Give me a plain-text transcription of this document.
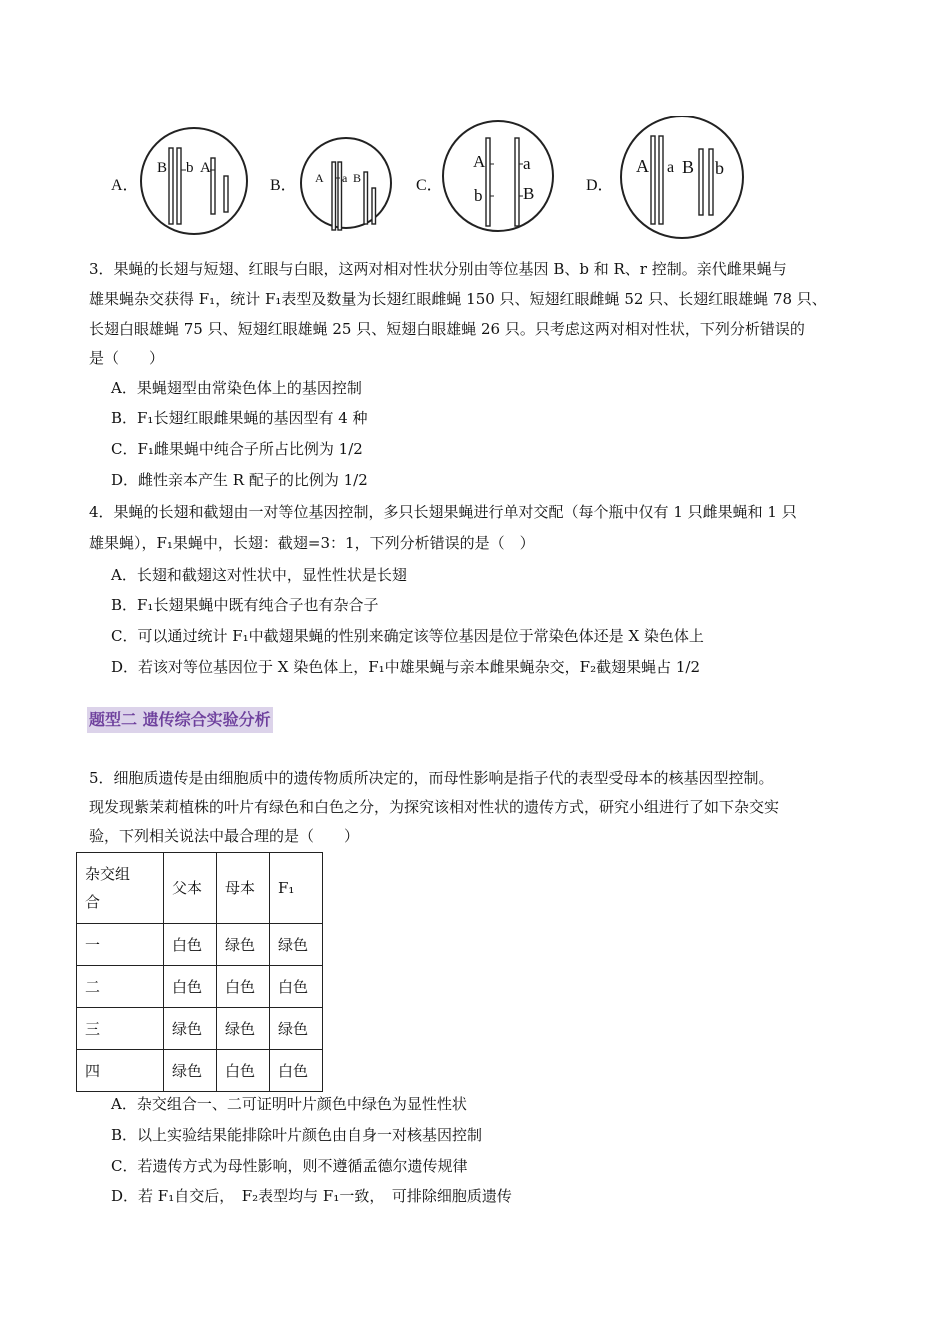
A．	B．	C．	D．
B b A
A a B
A a
b B
A a B b
3．果蝇的长翅与短翅、红眼与白眼，这两对相对性状分别由等位基因 B、b 和 R、r 控制。亲代雌果蝇与
雄果蝇杂交获得 F₁，统计 F₁表型及数量为长翅红眼雌蝇 150 只、短翅红眼雌蝇 52 只、长翅红眼雄蝇 78 只、
长翅白眼雄蝇 75 只、短翅红眼雄蝇 25 只、短翅白眼雄蝇 26 只。只考虑这两对相对性状，下列分析错误的
是（　　）
A．果蝇翅型由常染色体上的基因控制
B．F₁长翅红眼雌果蝇的基因型有 4 种
C．F₁雌果蝇中纯合子所占比例为 1/2
D．雌性亲本产生 R 配子的比例为 1/2
4．果蝇的长翅和截翅由一对等位基因控制，多只长翅果蝇进行单对交配（每个瓶中仅有 1 只雌果蝇和 1 只
雄果蝇），F₁果蝇中，长翅：截翅=3：1，下列分析错误的是（　）
A．长翅和截翅这对性状中，显性性状是长翅
B．F₁长翅果蝇中既有纯合子也有杂合子
C．可以通过统计 F₁中截翅果蝇的性别来确定该等位基因是位于常染色体还是 X 染色体上
D．若该对等位基因位于 X 染色体上，F₁中雄果蝇与亲本雌果蝇杂交，F₂截翅果蝇占 1/2
题型二 遗传综合实验分析
5．细胞质遗传是由细胞质中的遗传物质所决定的，而母性影响是指子代的表型受母本的核基因型控制。
现发现紫茉莉植株的叶片有绿色和白色之分，为探究该相对性状的遗传方式，研究小组进行了如下杂交实
验，下列相关说法中最合理的是（　　）
杂交组
合	父本	母本	F₁
一	白色	绿色	绿色
二	白色	白色	白色
三	绿色	绿色	绿色
四	绿色	白色	白色
A．杂交组合一、二可证明叶片颜色中绿色为显性性状
B．以上实验结果能排除叶片颜色由自身一对核基因控制
C．若遗传方式为母性影响，则不遵循孟德尔遗传规律
D．若 F₁自交后，　F₂表型均与 F₁一致，　可排除细胞质遗传
